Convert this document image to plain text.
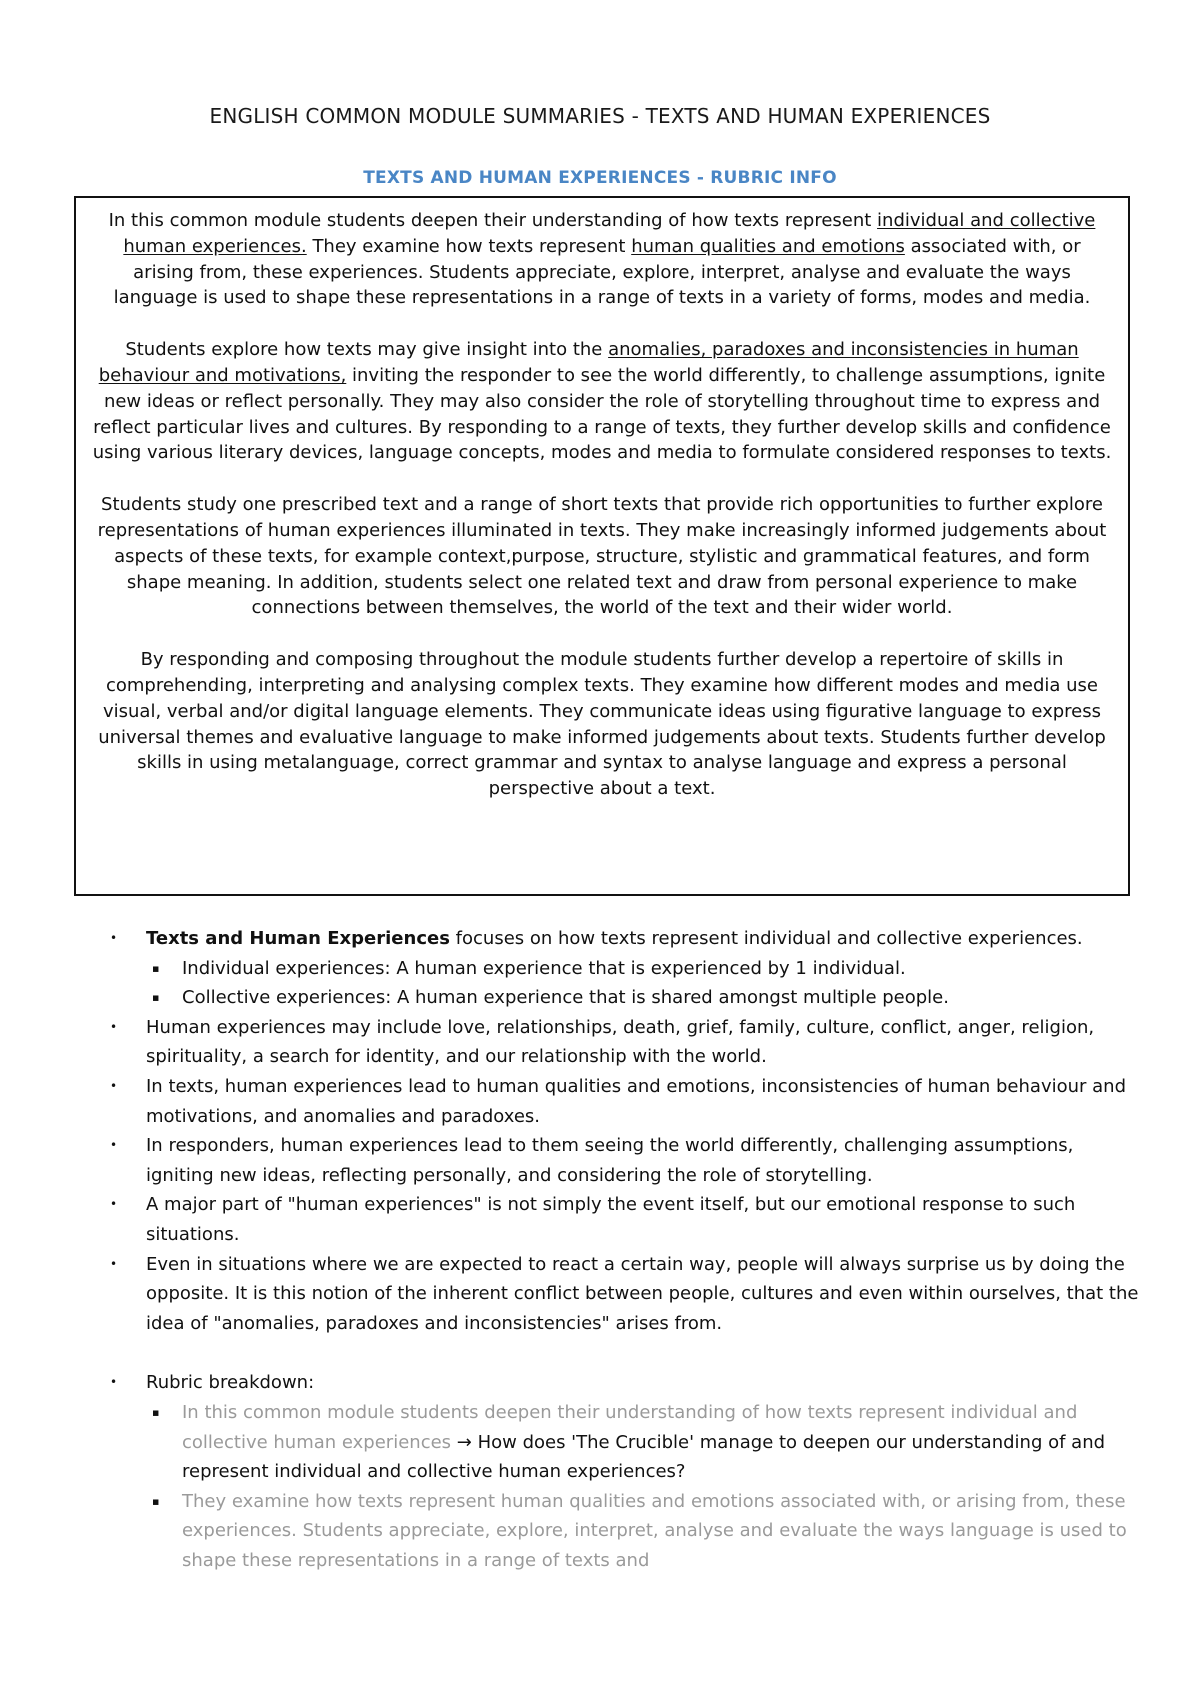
ENGLISH COMMON MODULE SUMMARIES - TEXTS AND HUMAN EXPERIENCES
TEXTS AND HUMAN EXPERIENCES - RUBRIC INFO

In this common module students deepen their understanding of how texts represent individual and collective human experiences. They examine how texts represent human qualities and emotions associated with, or arising from, these experiences. Students appreciate, explore, interpret, analyse and evaluate the ways language is used to shape these representations in a range of texts in a variety of forms, modes and media.

Students explore how texts may give insight into the anomalies, paradoxes and inconsistencies in human behaviour and motivations, inviting the responder to see the world differently, to challenge assumptions, ignite new ideas or reflect personally. They may also consider the role of storytelling throughout time to express and reflect particular lives and cultures. By responding to a range of texts, they further develop skills and confidence using various literary devices, language concepts, modes and media to formulate considered responses to texts.

Students study one prescribed text and a range of short texts that provide rich opportunities to further explore representations of human experiences illuminated in texts. They make increasingly informed judgements about aspects of these texts, for example context,purpose, structure, stylistic and grammatical features, and form shape meaning. In addition, students select one related text and draw from personal experience to make connections between themselves, the world of the text and their wider world.

By responding and composing throughout the module students further develop a repertoire of skills in comprehending, interpreting and analysing complex texts. They examine how different modes and media use visual, verbal and/or digital language elements. They communicate ideas using figurative language to express universal themes and evaluative language to make informed judgements about texts. Students further develop skills in using metalanguage, correct grammar and syntax to analyse language and express a personal perspective about a text.

• Texts and Human Experiences focuses on how texts represent individual and collective experiences.
▪ Individual experiences: A human experience that is experienced by 1 individual.
▪ Collective experiences: A human experience that is shared amongst multiple people.
• Human experiences may include love, relationships, death, grief, family, culture, conflict, anger, religion, spirituality, a search for identity, and our relationship with the world.
• In texts, human experiences lead to human qualities and emotions, inconsistencies of human behaviour and motivations, and anomalies and paradoxes.
• In responders, human experiences lead to them seeing the world differently, challenging assumptions, igniting new ideas, reflecting personally, and considering the role of storytelling.
• A major part of "human experiences" is not simply the event itself, but our emotional response to such situations.
• Even in situations where we are expected to react a certain way, people will always surprise us by doing the opposite. It is this notion of the inherent conflict between people, cultures and even within ourselves, that the idea of "anomalies, paradoxes and inconsistencies" arises from.
• Rubric breakdown:
▪ In this common module students deepen their understanding of how texts represent individual and collective human experiences → How does 'The Crucible' manage to deepen our understanding of and represent individual and collective human experiences?
▪ They examine how texts represent human qualities and emotions associated with, or arising from, these experiences. Students appreciate, explore, interpret, analyse and evaluate the ways language is used to shape these representations in a range of texts and
